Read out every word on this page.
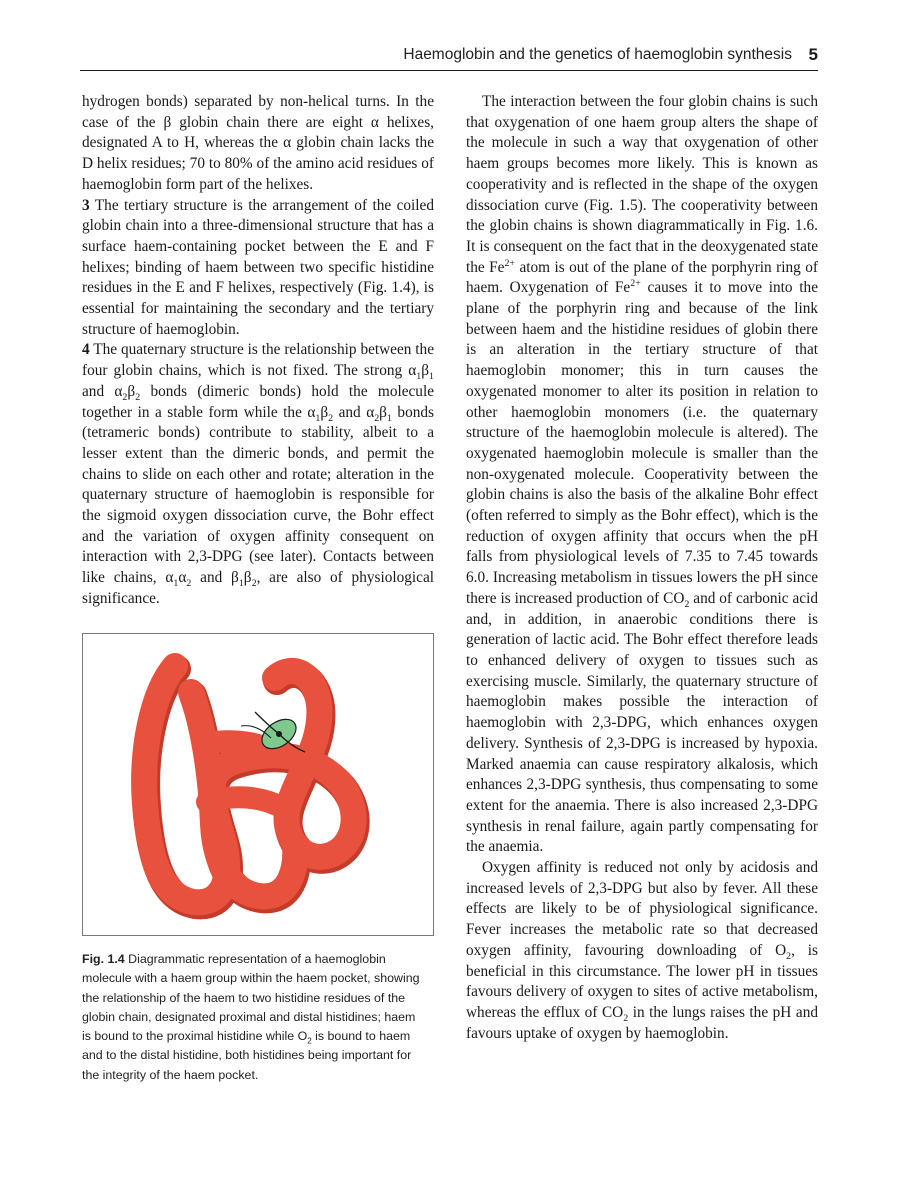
Haemoglobin and the genetics of haemoglobin synthesis 5

hydrogen bonds) separated by non-helical turns. In the case of the β globin chain there are eight α helixes, designated A to H, whereas the α globin chain lacks the D helix residues; 70 to 80% of the amino acid residues of haemoglobin form part of the helixes.

3 The tertiary structure is the arrangement of the coiled globin chain into a three-dimensional structure that has a surface haem-containing pocket between the E and F helixes; binding of haem between two specific histidine residues in the E and F helixes, respectively (Fig. 1.4), is essential for maintaining the secondary and the tertiary structure of haemoglobin.

4 The quaternary structure is the relationship between the four globin chains, which is not fixed. The strong $\alpha_1\beta_1$ and $\alpha_2\beta_2$ bonds (dimeric bonds) hold the molecule together in a stable form while the $\alpha_1\beta_2$ and $\alpha_2\beta_1$ bonds (tetrameric bonds) contribute to stability, albeit to a lesser extent than the dimeric bonds, and permit the chains to slide on each other and rotate; alteration in the quaternary structure of haemoglobin is responsible for the sigmoid oxygen dissociation curve, the Bohr effect and the variation of oxygen affinity consequent on interaction with 2,3-DPG (see later). Contacts between like chains, $\alpha_1\alpha_2$ and $\beta_1\beta_2$, are also of physiological significance.

Fig. 1.4 Diagrammatic representation of a haemoglobin molecule with a haem group within the haem pocket, showing the relationship of the haem to two histidine residues of the globin chain, designated proximal and distal histidines; haem is bound to the proximal histidine while $O_2$ is bound to haem and to the distal histidine, both histidines being important for the integrity of the haem pocket.

The interaction between the four globin chains is such that oxygenation of one haem group alters the shape of the molecule in such a way that oxygenation of other haem groups becomes more likely. This is known as cooperativity and is reflected in the shape of the oxygen dissociation curve (Fig. 1.5). The cooperativity between the globin chains is shown diagrammatically in Fig. 1.6. It is consequent on the fact that in the deoxygenated state the $Fe^{2+}$ atom is out of the plane of the porphyrin ring of haem. Oxygenation of $Fe^{2+}$ causes it to move into the plane of the porphyrin ring and because of the link between haem and the histidine residues of globin there is an alteration in the tertiary structure of that haemoglobin monomer; this in turn causes the oxygenated monomer to alter its position in relation to other haemoglobin monomers (i.e. the quaternary structure of the haemoglobin molecule is altered). The oxygenated haemoglobin molecule is smaller than the non-oxygenated molecule. Cooperativity between the globin chains is also the basis of the alkaline Bohr effect (often referred to simply as the Bohr effect), which is the reduction of oxygen affinity that occurs when the pH falls from physiological levels of 7.35 to 7.45 towards 6.0. Increasing metabolism in tissues lowers the pH since there is increased production of $CO_2$ and of carbonic acid and, in addition, in anaerobic conditions there is generation of lactic acid. The Bohr effect therefore leads to enhanced delivery of oxygen to tissues such as exercising muscle. Similarly, the quaternary structure of haemoglobin makes possible the interaction of haemoglobin with 2,3-DPG, which enhances oxygen delivery. Synthesis of 2,3-DPG is increased by hypoxia. Marked anaemia can cause respiratory alkalosis, which enhances 2,3-DPG synthesis, thus compensating to some extent for the anaemia. There is also increased 2,3-DPG synthesis in renal failure, again partly compensating for the anaemia.

Oxygen affinity is reduced not only by acidosis and increased levels of 2,3-DPG but also by fever. All these effects are likely to be of physiological significance. Fever increases the metabolic rate so that decreased oxygen affinity, favouring downloading of $O_2$, is beneficial in this circumstance. The lower pH in tissues favours delivery of oxygen to sites of active metabolism, whereas the efflux of $CO_2$ in the lungs raises the pH and favours uptake of oxygen by haemoglobin.
